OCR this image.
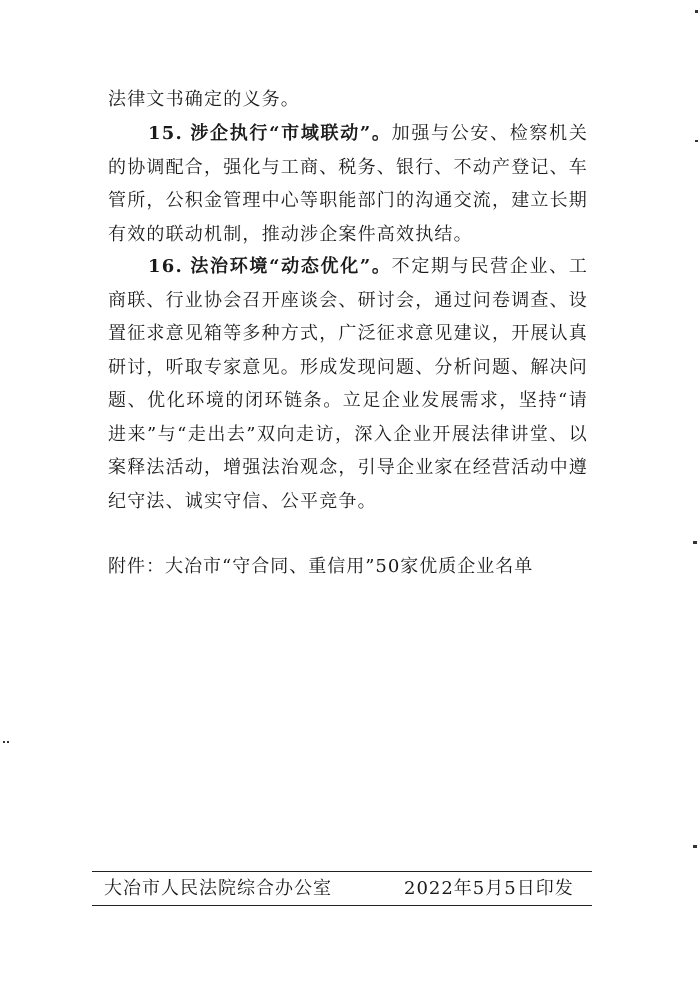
法律文书确定的义务。
15. 涉企执行“市域联动”。加强与公安、检察机关的协调配合，强化与工商、税务、银行、不动产登记、车管所，公积金管理中心等职能部门的沟通交流，建立长期有效的联动机制，推动涉企案件高效执结。
16. 法治环境“动态优化”。不定期与民营企业、工商联、行业协会召开座谈会、研讨会，通过问卷调查、设置征求意见箱等多种方式，广泛征求意见建议，开展认真研讨，听取专家意见。形成发现问题、分析问题、解决问题、优化环境的闭环链条。立足企业发展需求，坚持“请进来”与“走出去”双向走访，深入企业开展法律讲堂、以案释法活动，增强法治观念，引导企业家在经营活动中遵纪守法、诚实守信、公平竞争。
附件：大冶市“守合同、重信用”50家优质企业名单
大冶市人民法院综合办公室	2022年5月5日印发
